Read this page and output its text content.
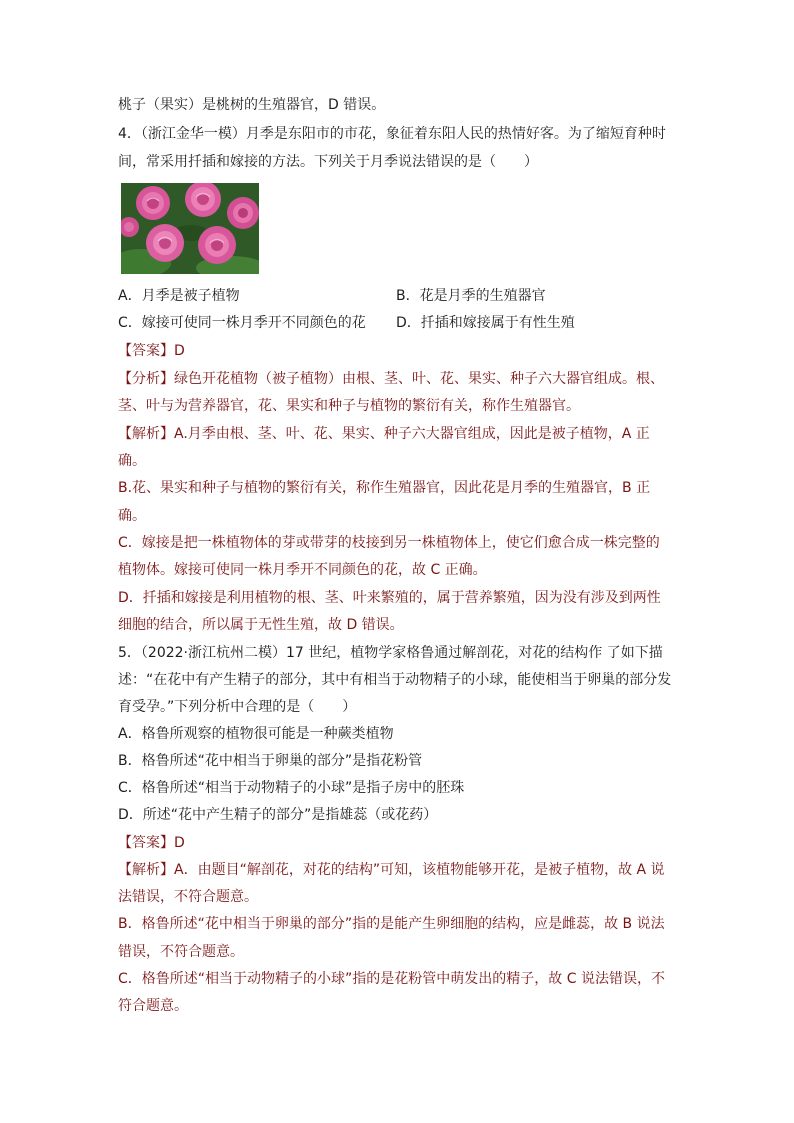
桃子（果实）是桃树的生殖器官，D 错误。
4．（浙江金华一模）月季是东阳市的市花，象征着东阳人民的热情好客。为了缩短育种时
间，常采用扦插和嫁接的方法。下列关于月季说法错误的是（　　）
A．月季是被子植物	B．花是月季的生殖器官
C．嫁接可使同一株月季开不同颜色的花 D．扦插和嫁接属于有性生殖
【答案】D
【分析】绿色开花植物（被子植物）由根、茎、叶、花、果实、种子六大器官组成。根、
茎、叶与为营养器官，花、果实和种子与植物的繁衍有关，称作生殖器官。
【解析】A.月季由根、茎、叶、花、果实、种子六大器官组成，因此是被子植物，A 正
确。
B.花、果实和种子与植物的繁衍有关，称作生殖器官，因此花是月季的生殖器官，B 正
确。
C．嫁接是把一株植物体的芽或带芽的枝接到另一株植物体上，使它们愈合成一株完整的
植物体。嫁接可使同一株月季开不同颜色的花，故 C 正确。
D．扦插和嫁接是利用植物的根、茎、叶来繁殖的，属于营养繁殖，因为没有涉及到两性
细胞的结合，所以属于无性生殖，故 D 错误。
5．（2022·浙江杭州二模）17 世纪，植物学家格鲁通过解剖花，对花的结构作 了如下描
述：“在花中有产生精子的部分，其中有相当于动物精子的小球，能使相当于卵巢的部分发
育受孕。”下列分析中合理的是（　　）
A．格鲁所观察的植物很可能是一种蕨类植物
B．格鲁所述“花中相当于卵巢的部分”是指花粉管
C．格鲁所述“相当于动物精子的小球”是指子房中的胚珠
D．所述“花中产生精子的部分”是指雄蕊（或花药）
【答案】D
【解析】A．由题目“解剖花，对花的结构”可知，该植物能够开花，是被子植物，故 A 说
法错误，不符合题意。
B．格鲁所述“花中相当于卵巢的部分”指的是能产生卵细胞的结构，应是雌蕊，故 B 说法
错误，不符合题意。
C．格鲁所述“相当于动物精子的小球”指的是花粉管中萌发出的精子，故 C 说法错误，不
符合题意。
